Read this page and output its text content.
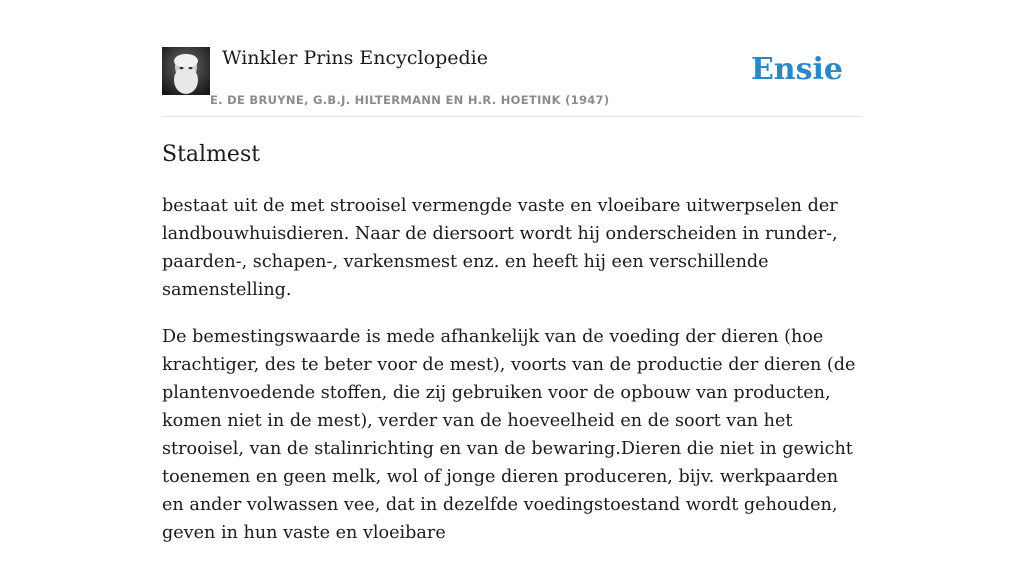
Winkler Prins Encyclopedie
E. DE BRUYNE, G.B.J. HILTERMANN EN H.R. HOETINK (1947)
Ensie
Stalmest

bestaat uit de met strooisel vermengde vaste en vloeibare uitwerpselen der landbouwhuisdieren. Naar de diersoort wordt hij onderscheiden in runder-, paarden-, schapen-, varkensmest enz. en heeft hij een verschillende samenstelling.

De bemestingswaarde is mede afhankelijk van de voeding der dieren (hoe krachtiger, des te beter voor de mest), voorts van de productie der dieren (de plantenvoedende stoffen, die zij gebruiken voor de opbouw van producten, komen niet in de mest), verder van de hoeveelheid en de soort van het strooisel, van de stalinrichting en van de bewaring.Dieren die niet in gewicht toenemen en geen melk, wol of jonge dieren produceren, bijv. werkpaarden en ander volwassen vee, dat in dezelfde voedingstoestand wordt gehouden, geven in hun vaste en vloeibare
